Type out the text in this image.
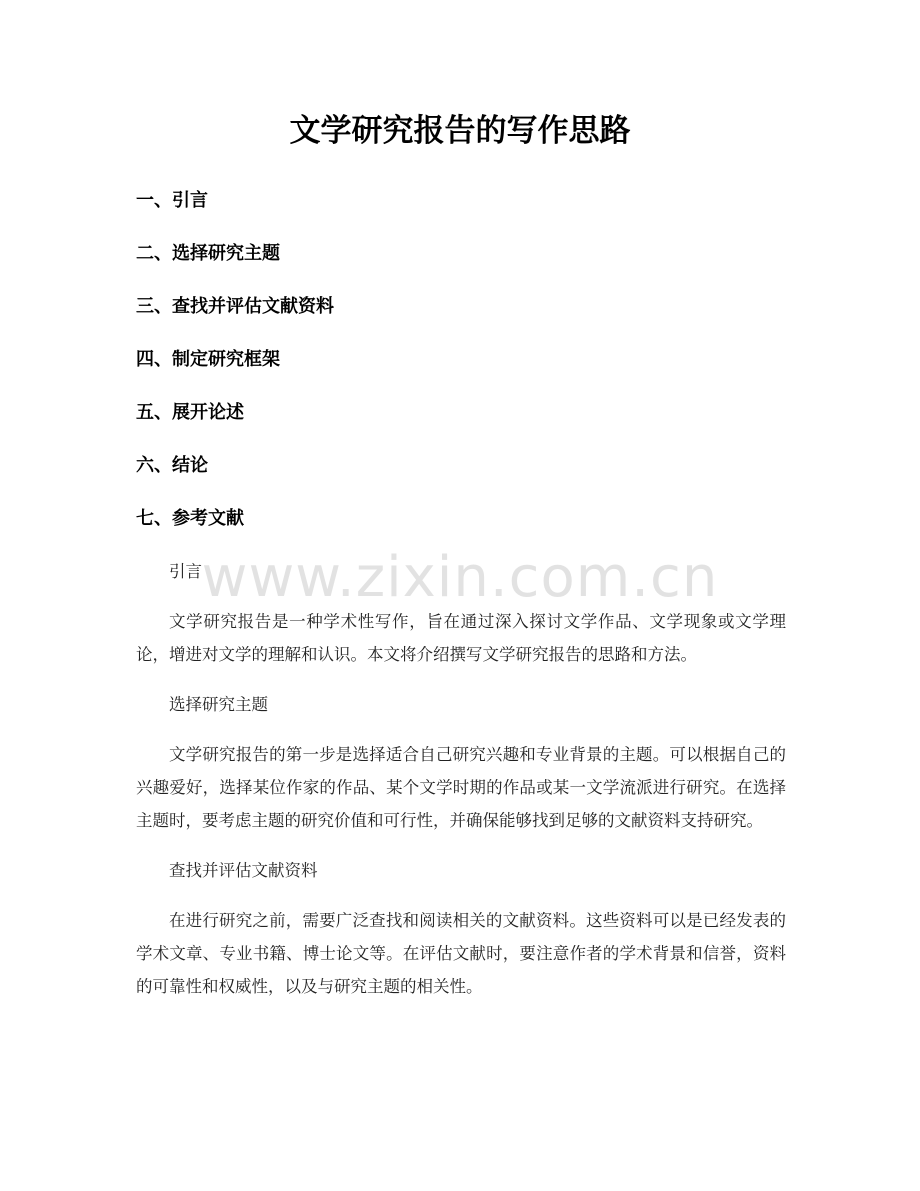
www.zixin.com.cn
文学研究报告的写作思路
一、引言
二、选择研究主题
三、查找并评估文献资料
四、制定研究框架
五、展开论述
六、结论
七、参考文献

引言

文学研究报告是一种学术性写作，旨在通过深入探讨文学作品、文学现象或文学理论，增进对文学的理解和认识。本文将介绍撰写文学研究报告的思路和方法。

选择研究主题

文学研究报告的第一步是选择适合自己研究兴趣和专业背景的主题。可以根据自己的兴趣爱好，选择某位作家的作品、某个文学时期的作品或某一文学流派进行研究。在选择主题时，要考虑主题的研究价值和可行性，并确保能够找到足够的文献资料支持研究。

查找并评估文献资料

在进行研究之前，需要广泛查找和阅读相关的文献资料。这些资料可以是已经发表的学术文章、专业书籍、博士论文等。在评估文献时，要注意作者的学术背景和信誉，资料的可靠性和权威性，以及与研究主题的相关性。
